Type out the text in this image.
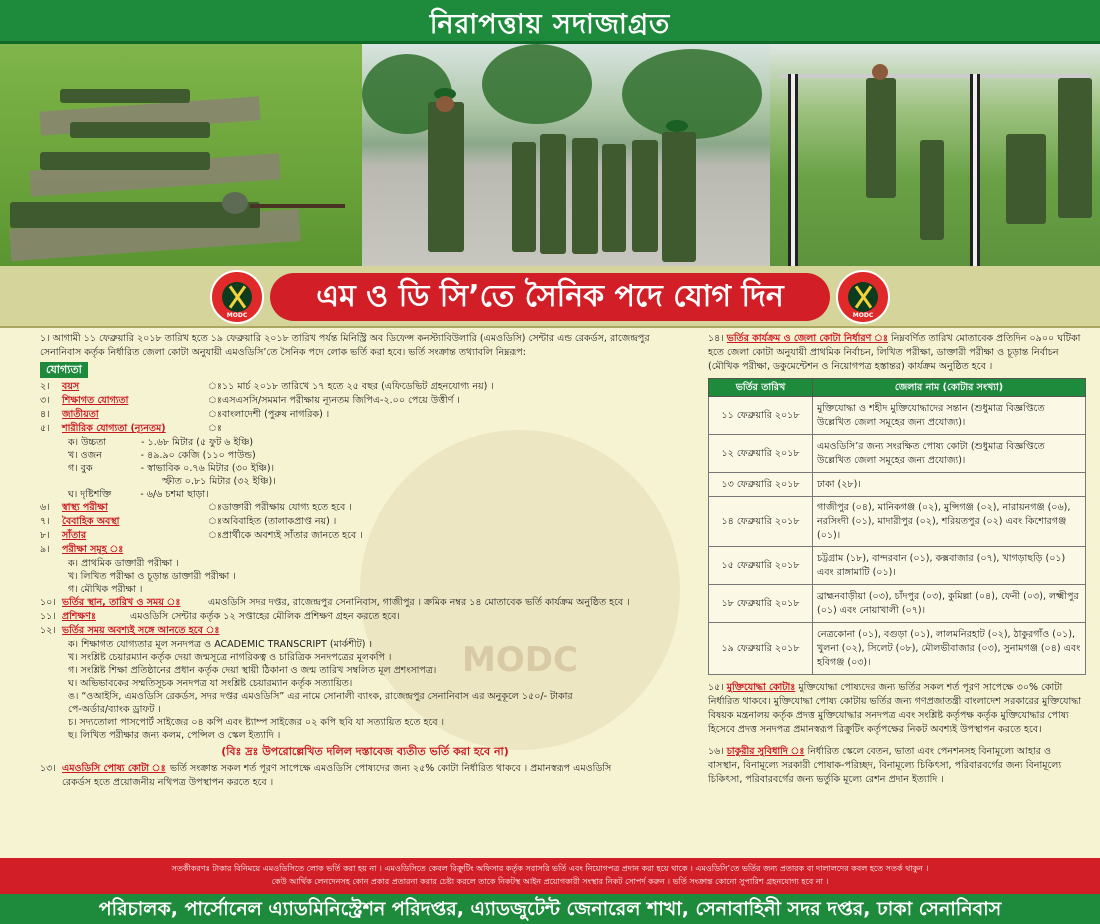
নিরাপত্তায় সদাজাগ্রত
MODC
এম ও ডি সি’তে সৈনিক পদে যোগ দিন
MODC
MODC

১। আগামী ১১ ফেব্রুয়ারি ২০১৮ তারিখ হতে ১৯ ফেব্রুয়ারি ২০১৮ তারিখ পর্যন্ত মিনিস্ট্রি অব ডিফেন্স কনস্ট্যাবিউলারি (এমওডিসি) সেন্টার এন্ড রেকর্ডস, রাজেন্দ্রপুর সেনানিবাস কর্তৃক নির্ধারিত জেলা কোটা অনুযায়ী এমওডিসি’তে সৈনিক পদে লোক ভর্তি করা হবে। ভর্তি সংক্রান্ত তথ্যাবলি নিম্নরূপ:

যোগ্যতা
২। বয়স	ঃ ১১ মার্চ ২০১৮ তারিখে ১৭ হতে ২৫ বছর (এফিডেভিট গ্রহনযোগ্য নয়) ।
৩। শিক্ষাগত যোগ্যতা	ঃ এসএসসি/সমমান পরীক্ষায় ন্যূনতম জিপিএ-২.০০ পেয়ে উত্তীর্ণ ।
৪। জাতীয়তা	ঃ বাংলাদেশী (পুরুষ নাগরিক) ।
৫। শারীরিক যোগ্যতা (ন্যূনতম)	ঃ
ক। উচ্চতা	- ১.৬৮ মিটার (৫ ফুট ৬ ইঞ্চি)
খ। ওজন	- ৪৯.৯০ কেজি (১১০ পাউন্ড)
গ। বুক	- স্বাভাবিক ০.৭৬ মিটার (৩০ ইঞ্চি)।
স্ফীত ০.৮১ মিটার (৩২ ইঞ্চি)।
ঘ। দৃষ্টিশক্তি	- ৬/৬ চশমা ছাড়া।
৬। স্বাস্থ্য পরীক্ষা	ঃ ডাক্তারী পরীক্ষায় যোগ্য হতে হবে ।
৭। বৈবাহিক অবস্থা	ঃ অবিবাহিত (তালাকপ্রাপ্ত নয়) ।
৮। সাঁতার	ঃ প্রার্থীকে অবশ্যই সাঁতার জানতে হবে ।
৯। পরীক্ষা সমূহ ঃ
ক। প্রাথমিক ডাক্তারী পরীক্ষা ।
খ। লিখিত পরীক্ষা ও চূড়ান্ত ডাক্তারী পরীক্ষা ।
গ। মৌখিক পরীক্ষা ।
১০। ভর্তির স্থান, তারিখ ও সময় ঃ	এমওডিসি সদর দপ্তর, রাজেন্দ্রপুর সেনানিবাস, গাজীপুর । ক্রমিক নম্বর ১৪ মোতাবেক ভর্তি কার্যক্রম অনুষ্ঠিত হবে ।
১১। প্রশিক্ষণঃ	এমওডিসি সেন্টার কর্তৃক ১২ সপ্তাহের মৌলিক প্রশিক্ষণ গ্রহন করতে হবে।
১২। ভর্তির সময় অবশ্যই সঙ্গে আনতে হবে ঃ
ক। শিক্ষাগত যোগ্যতার মূল সনদপত্র ও ACADEMIC TRANSCRIPT (মার্কশীট) ।
খ। সংশ্লিষ্ট চেয়ারম্যান কর্তৃক দেয়া জন্মসূত্রে নাগরিকত্ব ও চারিত্রিক সনদপত্রের মূলকপি ।
গ। সংশ্লিষ্ট শিক্ষা প্রতিষ্ঠানের প্রধান কর্তৃক দেয়া স্থায়ী ঠিকানা ও জন্ম তারিখ সম্বলিত মূল প্রশংসাপত্র।
ঘ। অভিভাবকের সম্মতিসূচক সনদপত্র যা সংশ্লিষ্ট চেয়ারম্যান কর্তৃক সত্যায়িত।
ঙ। “ওআইসি, এমওডিসি রেকর্ডস, সদর দপ্তর এমওডিসি” এর নামে সোনালী ব্যাংক, রাজেন্দ্রপুর সেনানিবাস এর অনুকূলে ১৫০/- টাকার
পে-অর্ডার/ব্যাংক ড্রাফট ।
চ। সদ্যতোলা পাসপোর্ট সাইজের ০৪ কপি এবং ষ্ট্যাম্প সাইজের ০২ কপি ছবি যা সত্যায়িত হতে হবে ।
ছ। লিখিত পরীক্ষার জন্য কলম, পেন্সিল ও স্কেল ইত্যাদি ।
(বিঃ দ্রঃ উপরোল্লেখিত দলিল দস্তাবেজ ব্যতীত ভর্তি করা হবে না)
১৩। এমওডিসি পোষ্য কোটা ঃ ভর্তি সংক্রান্ত সকল শর্ত পূরণ সাপেক্ষে এমওডিসি পোষ্যদের জন্য ২৫% কোটা নির্ধারিত থাকবে । প্রমানস্বরূপ এমওডিসি
রেকর্ডস হতে প্রয়োজনীয় নথিপত্র উপস্থাপন করতে হবে ।

১৪। ভর্তির কার্যক্রম ও জেলা কোটা নির্ধারণ ঃ নিম্নবর্ণিত তারিখ মোতাবেক প্রতিদিন ০৯০০ ঘটিকা হতে জেলা কোটা অনুযায়ী প্রাথমিক নির্বাচন, লিখিত পরীক্ষা, ডাক্তারী পরীক্ষা ও চূড়ান্ত নির্বাচন (মৌখিক পরীক্ষা, ডকুমেন্টেশন ও নিয়োগপত্র হস্তান্তর) কার্যক্রম অনুষ্ঠিত হবে ।

ভর্তির তারিখ	জেলার নাম (কোটার সংখ্যা)
১১ ফেব্রুয়ারি ২০১৮	মুক্তিযোদ্ধা ও শহীদ মুক্তিযোদ্ধাদের সন্তান (শুধুমাত্র বিজ্ঞপ্তিতে উল্লেখিত জেলা সমূহের জন্য প্রযোজ্য)।
১২ ফেব্রুয়ারি ২০১৮	এমওডিসি’র জন্য সংরক্ষিত পোষ্য কোটা (শুধুমাত্র বিজ্ঞপ্তিতে উল্লেখিত জেলা সমূহের জন্য প্রযোজ্য)।
১৩ ফেব্রুয়ারি ২০১৮	ঢাকা (২৮)।
১৪ ফেব্রুয়ারি ২০১৮	গাজীপুর (০৪), মানিকগঞ্জ (০২), মুন্সিগঞ্জ (০২), নারায়নগঞ্জ (০৬), নরসিংদী (০১), মাদারীপুর (০২), শরিয়তপুর (০২) এবং কিশোরগঞ্জ (০১)।
১৫ ফেব্রুয়ারি ২০১৮	চট্টগ্রাম (১৮), বান্দরবান (০১), কক্সবাজার (০৭), খাগড়াছড়ি (০১) এবং রাঙ্গামাটি (০১)।
১৮ ফেব্রুয়ারি ২০১৮	ব্রাহ্মনবাড়ীয়া (০৩), চাঁদপুর (০৩), কুমিল্লা (০৪), ফেনী (০৩), লক্ষ্মীপুর (০১) এবং নোয়াখালী (০৭)।
১৯ ফেব্রুয়ারি ২০১৮	নেত্রকোনা (০১), বগুড়া (০১), লালমনিরহাট (০২), ঠাকুরগাঁও (০১), খুলনা (০২), সিলেট (০৮), মৌলভীবাজার (০৩), সুনামগঞ্জ (০৪) এবং হবিগঞ্জ (০৩)।

১৫। মুক্তিযোদ্ধা কোটাঃ মুক্তিযোদ্ধা পোষ্যদের জন্য ভর্তির সকল শর্ত পূরণ সাপেক্ষে ৩০% কোটা নির্ধারিত থাকবে। মুক্তিযোদ্ধা পোষ্য কোটায় ভর্তির জন্য গণপ্রজাতন্ত্রী বাংলাদেশ সরকারের মুক্তিযোদ্ধা বিষয়ক মন্ত্রনালয় কর্তৃক প্রদত্ত মুক্তিযোদ্ধার সনদপত্র এবং সংশ্লিষ্ট কর্তৃপক্ষ কর্তৃক মুক্তিযোদ্ধার পোষ্য হিসেবে প্রদত্ত সনদপত্র প্রমানস্বরূপ রিক্রুটিং কর্তৃপক্ষের নিকট অবশ্যই উপস্থাপন করতে হবে।

১৬। চাকুরীর সুবিধাদি ঃ নির্ধারিত স্কেলে বেতন, ভাতা এবং পেনশনসহ বিনামূল্যে আহার ও বাসস্থান, বিনামূল্যে সরকারী পোষাক-পরিচ্ছদ, বিনামূল্যে চিকিৎসা, পরিবারবর্গের জন্য বিনামূল্যে চিকিৎসা, পরিবারবর্গের জন্য ভর্তুকি মূল্যে রেশন প্রদান ইত্যাদি ।

সতর্কীকরণঃ টাকার বিনিময়ে এমওডিসিতে লোক ভর্তি করা হয় না । এমওডিসিতে কেবল রিক্রুটিং অফিসার কর্তৃক সরাসরি ভর্তি এবং নিয়োগপত্র প্রদান করা হয়ে থাকে । এমওডিসি’তে ভর্তির জন্য প্রতারক বা দালালদের কবল হতে সতর্ক থাকুন ।
কেউ আর্থিক লেনদেনসহ কোন প্রকার প্রতারনা করার চেষ্টা করলে তাকে নিকটস্থ আইন প্রয়োগকারী সংস্থার নিকট সোপর্দ করুন । ভর্তি সংক্রান্ত কোনো সুপারিশ গ্রহনযোগ্য হবে না ।
পরিচালক, পার্সোনেল এ্যাডমিনিস্ট্রেশন পরিদপ্তর, এ্যাডজুটেন্ট জেনারেল শাখা, সেনাবাহিনী সদর দপ্তর, ঢাকা সেনানিবাস
